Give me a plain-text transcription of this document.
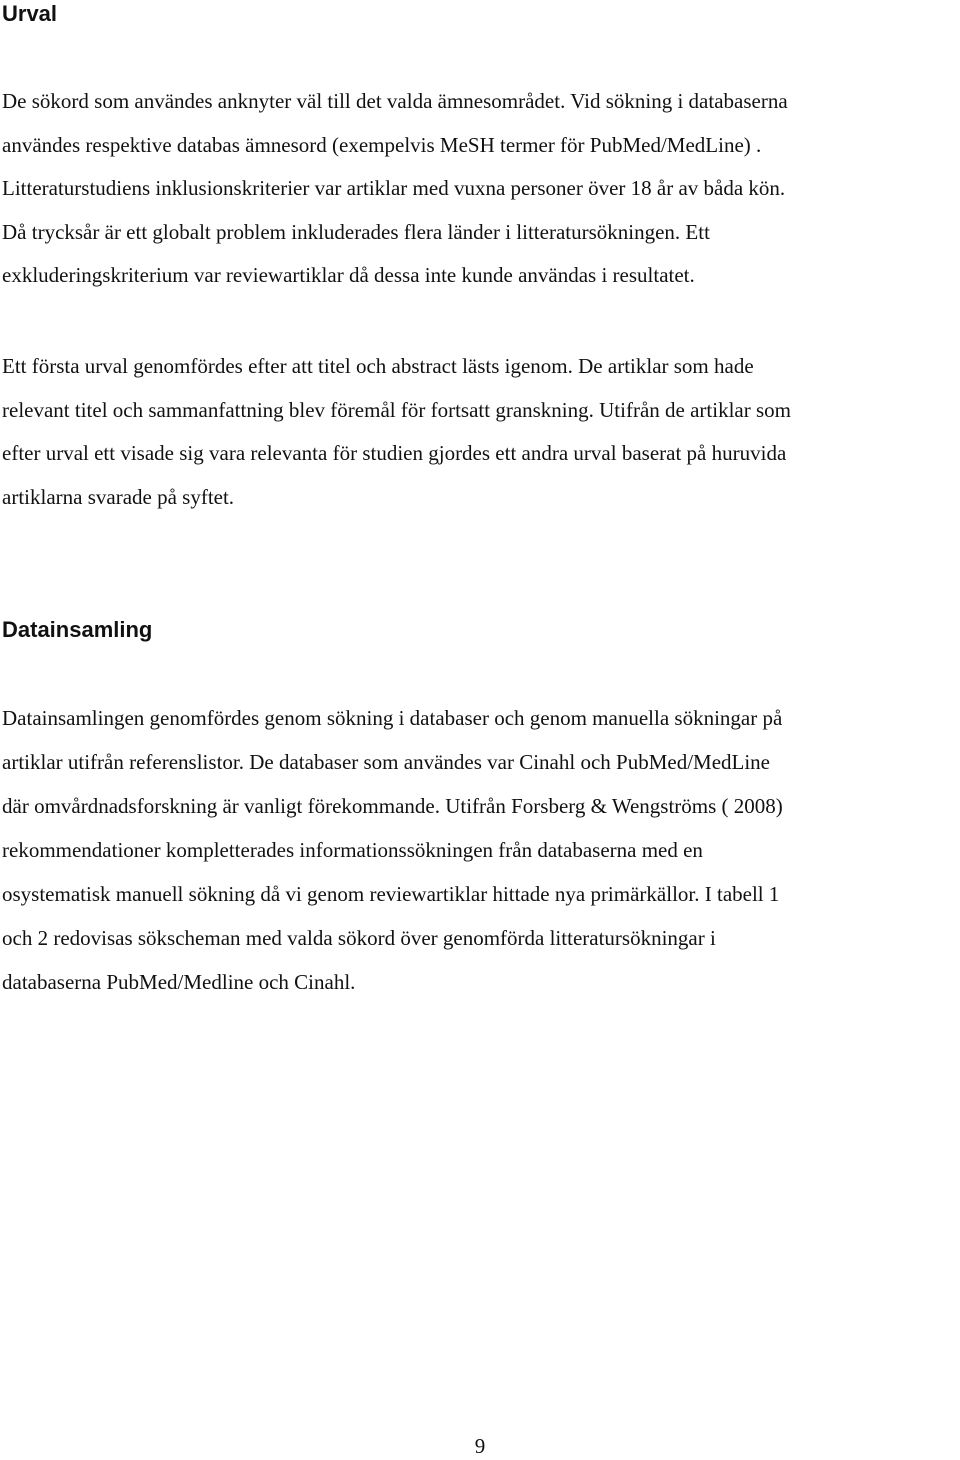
Urval

De sökord som användes anknyter väl till det valda ämnesområdet. Vid sökning i databaserna
användes respektive databas ämnesord (exempelvis MeSH termer för PubMed/MedLine) .
Litteraturstudiens inklusionskriterier var artiklar med vuxna personer över 18 år av båda kön.
Då trycksår är ett globalt problem inkluderades flera länder i litteratursökningen. Ett
exkluderingskriterium var reviewartiklar då dessa inte kunde användas i resultatet.

Ett första urval genomfördes efter att titel och abstract lästs igenom. De artiklar som hade
relevant titel och sammanfattning blev föremål för fortsatt granskning. Utifrån de artiklar som
efter urval ett visade sig vara relevanta för studien gjordes ett andra urval baserat på huruvida
artiklarna svarade på syftet.

Datainsamling

Datainsamlingen genomfördes genom sökning i databaser och genom manuella sökningar på
artiklar utifrån referenslistor. De databaser som användes var Cinahl och PubMed/MedLine
där omvårdnadsforskning är vanligt förekommande. Utifrån Forsberg & Wengströms ( 2008)
rekommendationer kompletterades informationssökningen från databaserna med en
osystematisk manuell sökning då vi genom reviewartiklar hittade nya primärkällor. I tabell 1
och 2 redovisas sökscheman med valda sökord över genomförda litteratursökningar i
databaserna PubMed/Medline och Cinahl.

9
